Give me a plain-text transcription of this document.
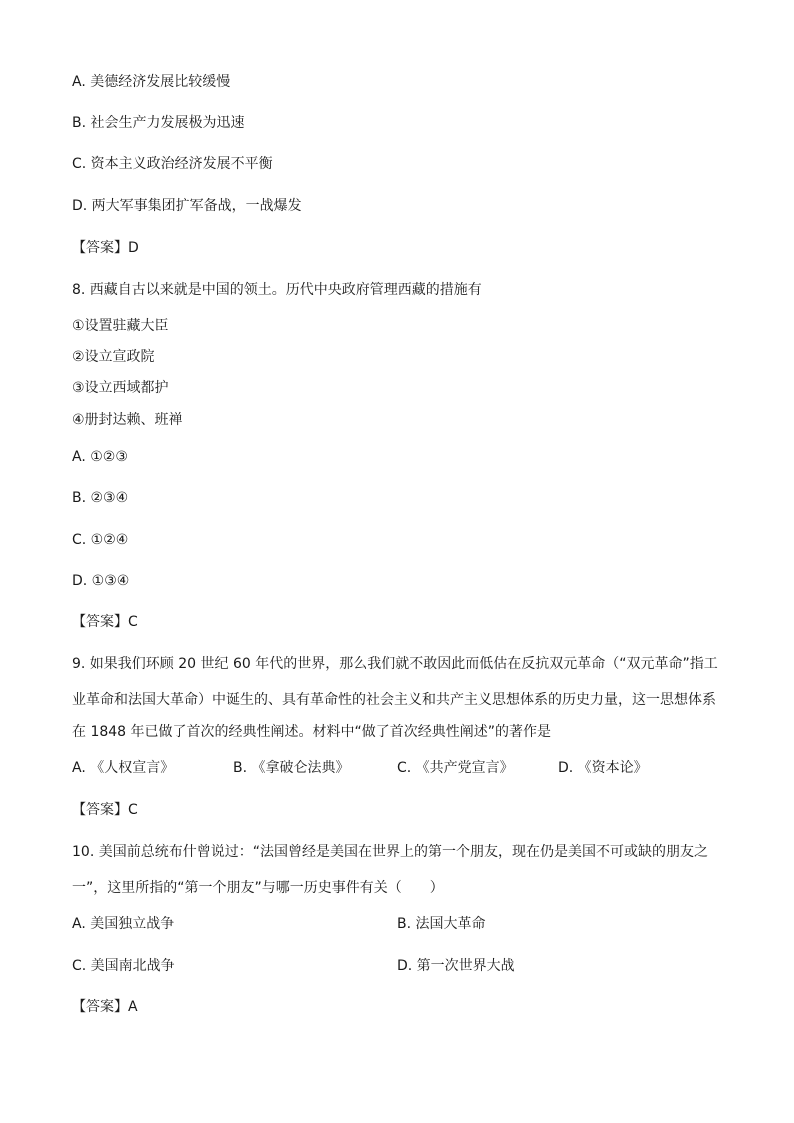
A. 美德经济发展比较缓慢
B. 社会生产力发展极为迅速
C. 资本主义政治经济发展不平衡
D. 两大军事集团扩军备战，一战爆发
【答案】D
8. 西藏自古以来就是中国的领土。历代中央政府管理西藏的措施有
①设置驻藏大臣
②设立宣政院
③设立西域都护
④册封达赖、班禅
A. ①②③
B. ②③④
C. ①②④
D. ①③④
【答案】C
9. 如果我们环顾 20 世纪 60 年代的世界，那么我们就不敢因此而低估在反抗双元革命（“双元革命”指工
业革命和法国大革命）中诞生的、具有革命性的社会主义和共产主义思想体系的历史力量，这一思想体系
在 1848 年已做了首次的经典性阐述。材料中“做了首次经典性阐述”的著作是
A. 《人权宣言》	B. 《拿破仑法典》	C. 《共产党宣言》	D. 《资本论》
【答案】C
10. 美国前总统布什曾说过：“法国曾经是美国在世界上的第一个朋友，现在仍是美国不可或缺的朋友之
一”，这里所指的“第一个朋友”与哪一历史事件有关（　　）
A. 美国独立战争	B. 法国大革命
C. 美国南北战争	D. 第一次世界大战
【答案】A
